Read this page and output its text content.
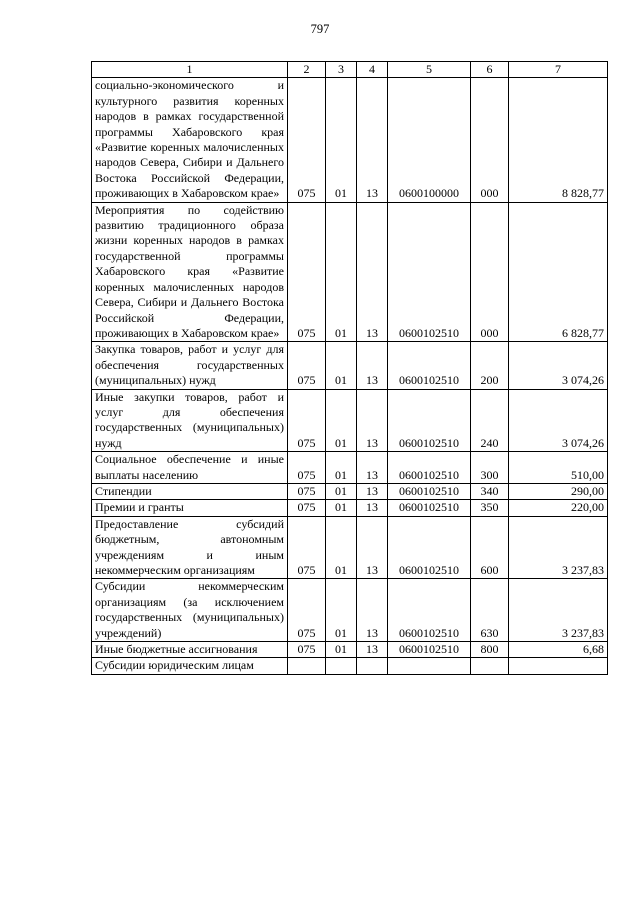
797
1	2	3	4	5	6	7
социально-экономического и культурного развития коренных народов в рамках государственной программы Хабаровского края «Развитие коренных малочисленных народов Севера, Сибири и Дальнего Востока Российской Федерации, проживающих в Хабаровском крае»	075	01	13	0600100000	000	8 828,77
Мероприятия по содействию развитию традиционного образа жизни коренных народов в рамках государственной программы Хабаровского края «Развитие коренных малочисленных народов Севера, Сибири и Дальнего Востока Российской Федерации, проживающих в Хабаровском крае»	075	01	13	0600102510	000	6 828,77
Закупка товаров, работ и услуг для обеспечения государственных (муниципальных) нужд	075	01	13	0600102510	200	3 074,26
Иные закупки товаров, работ и услуг для обеспечения государственных (муниципальных) нужд	075	01	13	0600102510	240	3 074,26
Социальное обеспечение и иные выплаты населению	075	01	13	0600102510	300	510,00
Стипендии	075	01	13	0600102510	340	290,00
Премии и гранты	075	01	13	0600102510	350	220,00
Предоставление субсидий бюджетным, автономным учреждениям и иным некоммерческим организациям	075	01	13	0600102510	600	3 237,83
Субсидии некоммерческим организациям (за исключением государственных (муниципальных) учреждений)	075	01	13	0600102510	630	3 237,83
Иные бюджетные ассигнования	075	01	13	0600102510	800	6,68
Субсидии юридическим лицам						
